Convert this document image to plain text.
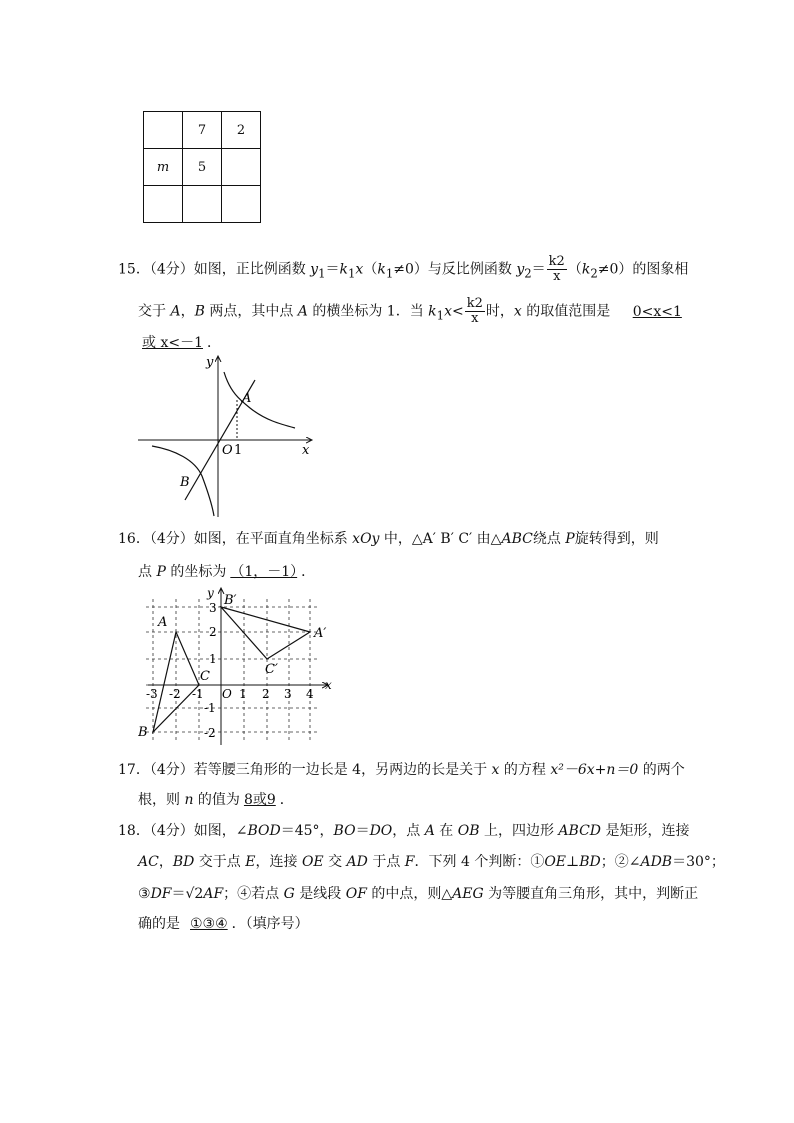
	7	2
m	5	

15．（4分）如图，正比例函数 $y_1=k_1x(k_1\ne 0)$与反比例函数 $y_2= \frac{k2}{x} (k_2\ne 0)$的图象相
交于 A，B 两点，其中点 A 的横坐标为 1．当 $k_1x< \frac{k2}{x}$ 时，x 的取值范围是 0<x<1
或 x<－1 ．
y
x
O 1
A
B
16．（4分）如图，在平面直角坐标系 xOy 中，△A′ B′ C′ 由△ABC绕点 P旋转得到，则
点 P 的坐标为 （1，－1） ．
A
B
C
A′
B′
C′
y
x
O
-3 -2 -1	1 2 3 4
3
2
1
-1
-2
17．（4分）若等腰三角形的一边长是 4，另两边的长是关于 x 的方程 x²－6x+n＝0 的两个
根，则 n 的值为 8或9 ．
18．（4分）如图，∠BOD＝45°，BO＝DO，点 A 在 OB 上，四边形 ABCD 是矩形，连接
AC，BD 交于点 E，连接 OE 交 AD 于点 F．下列 4 个判断：①OE⊥BD；②∠ADB＝30°；
③DF＝√2AF；④若点 G 是线段 OF 的中点，则△AEG 为等腰直角三角形，其中，判断正
确的是 ①③④ ．（填序号）
